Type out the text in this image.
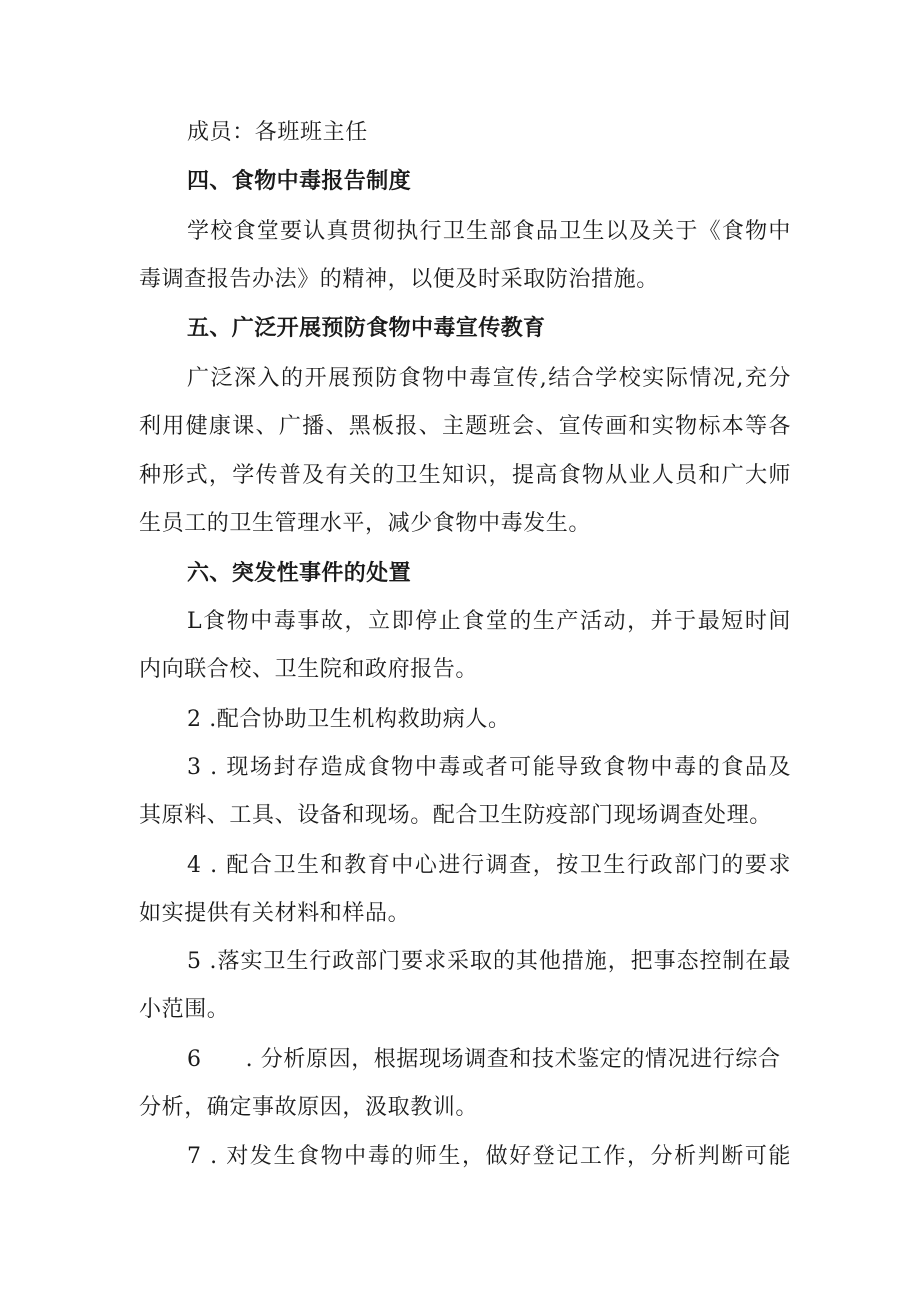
成员：各班班主任
四、食物中毒报告制度
学校食堂要认真贯彻执行卫生部食品卫生以及关于《食物中
毒调查报告办法》的精神，以便及时采取防治措施。
五、广泛开展预防食物中毒宣传教育
广泛深入的开展预防食物中毒宣传,结合学校实际情况,充分
利用健康课、广播、黑板报、主题班会、宣传画和实物标本等各
种形式，学传普及有关的卫生知识，提高食物从业人员和广大师
生员工的卫生管理水平，减少食物中毒发生。
六、突发性事件的处置
L食物中毒事故，立即停止食堂的生产活动，并于最短时间
内向联合校、卫生院和政府报告。
2 .配合协助卫生机构救助病人。
3 . 现场封存造成食物中毒或者可能导致食物中毒的食品及
其原料、工具、设备和现场。配合卫生防疫部门现场调查处理。
4 . 配合卫生和教育中心进行调查，按卫生行政部门的要求
如实提供有关材料和样品。
5 .落实卫生行政部门要求采取的其他措施，把事态控制在最
小范围。
6 . 分析原因，根据现场调查和技术鉴定的情况进行综合
分析，确定事故原因，汲取教训。
7 . 对发生食物中毒的师生，做好登记工作，分析判断可能
